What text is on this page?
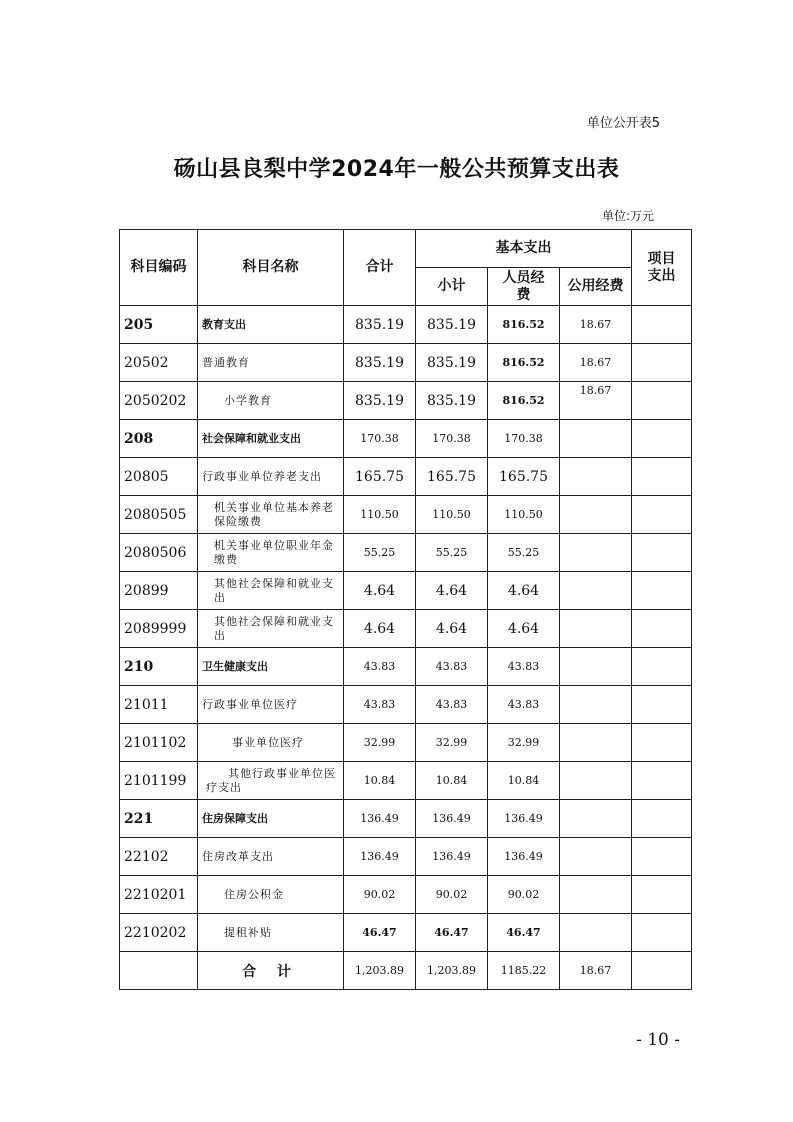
单位公开表5
砀山县良梨中学2024年一般公共预算支出表
单位:万元
科目编码	科目名称	合计	基本支出			项目支出
			小计	人员经费	公用经费	
205	教育支出	835.19	835.19	816.52	18.67	
20502	普通教育	835.19	835.19	816.52	18.67	
2050202	小学教育	835.19	835.19	816.52	18.67	
208	社会保障和就业支出	170.38	170.38	170.38		
20805	行政事业单位养老支出	165.75	165.75	165.75		
2080505	机关事业单位基本养老保险缴费	110.50	110.50	110.50		
2080506	机关事业单位职业年金缴费	55.25	55.25	55.25		
20899	其他社会保障和就业支出	4.64	4.64	4.64		
2089999	其他社会保障和就业支出	4.64	4.64	4.64		
210	卫生健康支出	43.83	43.83	43.83		
21011	行政事业单位医疗	43.83	43.83	43.83		
2101102	事业单位医疗	32.99	32.99	32.99		
2101199	其他行政事业单位医疗支出	10.84	10.84	10.84		
221	住房保障支出	136.49	136.49	136.49		
22102	住房改革支出	136.49	136.49	136.49		
2210201	住房公积金	90.02	90.02	90.02		
2210202	提租补贴	46.47	46.47	46.47		
	合 计	1,203.89	1,203.89	1185.22	18.67	
- 10 -
